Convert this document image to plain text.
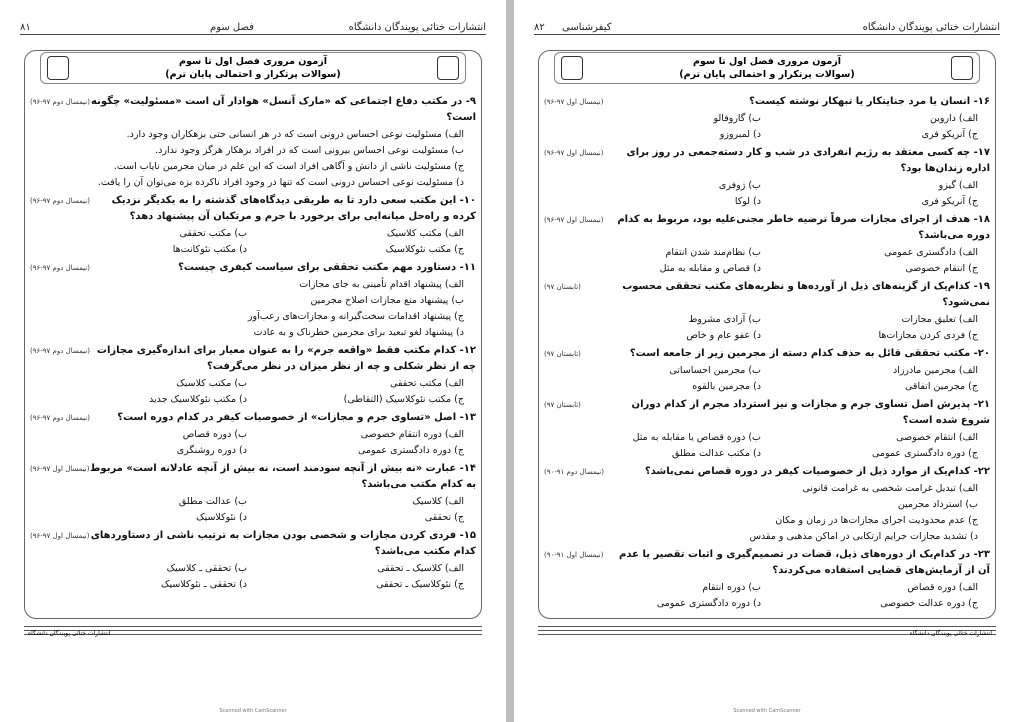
انتشارات ختائی پویندگان دانشگاه
۸۱	فصل سوم
آزمون مروری فصل اول تا سوم
(سوالات پرتکرار و احتمالی پایان ترم)
(نیمسال دوم ۹۷-۹۶) ۹- در مکتب دفاع اجتماعی که «مارک آنسل» هوادار آن است «مسئولیت» چگونه است؟
الف) مسئولیت نوعی احساس درونی است که در هر انسانی حتی بزهکاران وجود دارد.
ب) مسئولیت نوعی احساس بیرونی است که در افراد بزهکار هرگز وجود ندارد.
ج) مسئولیت ناشی از دانش و آگاهی افراد است که این علم در میان مجرمین نایاب است.
د) مسئولیت نوعی احساس درونی است که تنها در وجود افراد ناکرده بزه می‌توان آن را یافت.
(نیمسال دوم ۹۷-۹۶)	۱۰- این مکتب سعی دارد تا به طریقی دیدگاه‌های گذشته را به یکدیگر نزدیک کرده و راه‌حل میانه‌ایی برای برخورد با جرم و مرتکبان آن پیشنهاد دهد؟
الف) مکتب کلاسیک
ب) مکتب تحققی
ج) مکتب نئوکلاسیک
د) مکتب نئوکانت‌ها
(نیمسال دوم ۹۷-۹۶)	۱۱- دستاورد مهم مکتب تحققی برای سیاست کیفری چیست؟
الف) پیشنهاد اقدام تأمینی به جای مجازات
ب) پیشنهاد منع مجازات اصلاح مجرمین
ج) پیشنهاد اقدامات سخت‌گیرانه و مجازات‌های رعب‌آور
د) پیشنهاد لغو تبعید برای مجرمین خطرناک و به عادت
(نیمسال دوم ۹۷-۹۶) ۱۲- کدام مکتب فقط «واقعه جرم» را به عنوان معیار برای اندازه‌گیری مجازات چه از نظر شکلی و چه از نظر میزان در نظر می‌گرفت؟
الف) مکتب تحققی
ب) مکتب کلاسیک
ج) مکتب نئوکلاسیک (التقاطی)
د) مکتب نئوکلاسیک جدید
(نیمسال دوم ۹۷-۹۶)	۱۳- اصل «تساوی جرم و مجازات» از خصوصیات کیفر در کدام دوره است؟
الف) دوره انتقام خصوصی
ب) دوره قصاص
ج) دوره دادگستری عمومی
د) دوره روشنگری
(نیمسال اول ۹۷-۹۶) ۱۴- عبارت «نه بیش از آنچه سودمند است، نه بیش از آنچه عادلانه است» مربوط به کدام مکتب می‌باشد؟
الف) کلاسیک
ب) عدالت مطلق
ج) تحققی
د) نئوکلاسیک
(نیمسال اول ۹۷-۹۶) ۱۵- فردی کردن مجازات و شخصی بودن مجازات به ترتیب ناشی از دستاوردهای کدام مکتب می‌باشد؟
الف) کلاسیک ـ تحققی
ب) تحققی ـ کلاسیک
ج) نئوکلاسیک ـ تحققی
د) تحققی ـ نئوکلاسیک
انتشارات ختائی پویندگان دانشگاه
Scanned with CamScanner
انتشارات ختائی پویندگان دانشگاه
۸۲ کیفرشناسی
آزمون مروری فصل اول تا سوم
(سوالات پرتکرار و احتمالی پایان ترم)
(نیمسال اول ۹۷-۹۶)	۱۶- انسان یا مرد جنایتکار یا تبهکار نوشته کیست؟
الف) داروین
ب) گاروفالو
ج) آنریکو فری
د) لمبروزو
(نیمسال اول ۹۷-۹۶)	۱۷- چه کسی معتقد به رژیم انفرادی در شب و کار دسته‌جمعی در روز برای اداره زندان‌ها بود؟
الف) گیزو
ب) ژوفری
ج) آنریکو فری
د) لوکا
(نیمسال اول ۹۷-۹۶)	۱۸- هدف از اجرای مجازات صرفاً ترضیه خاطر مجنی‌علیه بود، مربوط به کدام دوره می‌باشد؟
الف) دادگستری عمومی
ب) نظام‌مند شدن انتقام
ج) انتقام خصوصی
د) قصاص و مقابله به مثل
(تابستان ۹۷)	۱۹- کدام‌یک از گزینه‌های ذیل از آورده‌ها و نظریه‌های مکتب تحققی محسوب نمی‌شود؟
الف) تعلیق مجازات
ب) آزادی مشروط
ج) فردی کردن مجازات‌ها
د) عفو عام و خاص
(تابستان ۹۷)	۲۰- مکتب تحققی قائل به حذف کدام دسته از مجرمین زیر از جامعه است؟
الف) مجرمین مادرزاد
ب) مجرمین احساساتی
ج) مجرمین اتفاقی
د) مجرمین بالقوه
(تابستان ۹۷)	۲۱- پذیرش اصل تساوی جرم و مجازات و نیز استرداد مجرم از کدام دوران شروع شده است؟
الف) انتقام خصوصی
ب) دوره قصاص یا مقابله به مثل
ج) دوره دادگستری عمومی
د) مکتب عدالت مطلق
(نیمسال دوم ۹۱-۹۰)	۲۲- کدام‌یک از موارد ذیل از خصوصیات کیفر در دوره قصاص نمی‌باشد؟
الف) تبدیل غرامت شخصی به غرامت قانونی
ب) استرداد مجرمین
ج) عدم محدودیت اجرای مجازات‌ها در زمان و مکان
د) تشدید مجازات جرایم ارتکابی در اماکن مذهبی و مقدس
(نیمسال اول ۹۱-۹۰)	۲۳- در کدام‌یک از دوره‌های ذیل، قضات در تصمیم‌گیری و اثبات تقصیر یا عدم آن از آزمایش‌های قضایی استفاده می‌کردند؟
الف) دوره قصاص
ب) دوره انتقام
ج) دوره عدالت خصوصی
د) دوره دادگستری عمومی
انتشارات ختائی پویندگان دانشگاه
Scanned with CamScanner
